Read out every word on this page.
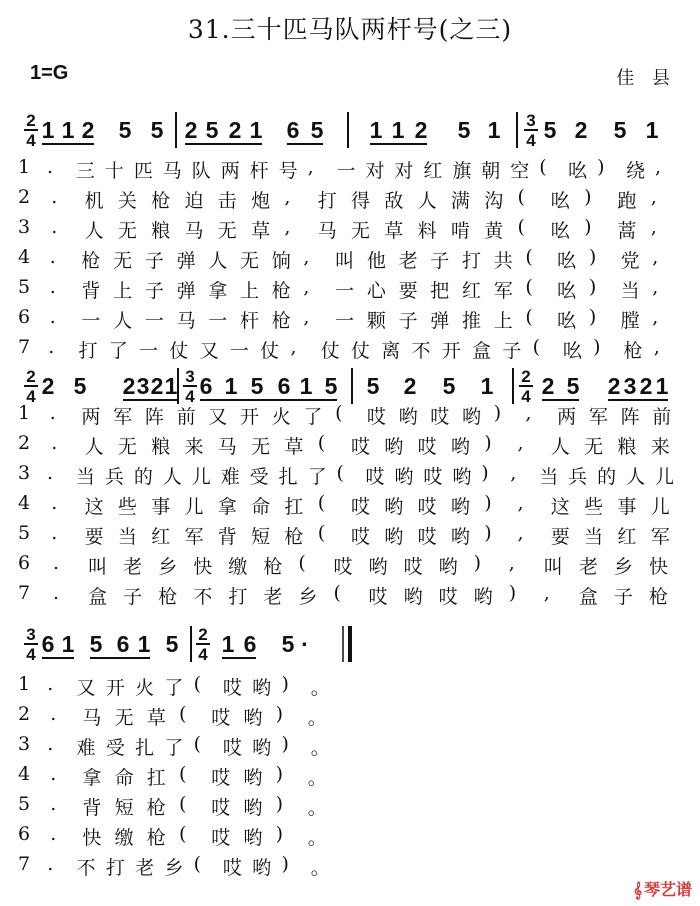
31.三十匹马队两杆号(之三)
1=G	佳 县
2
4
3
4
1 1 2 5 5 2 5 2 1 6 5 1 1 2 5 1 5 2 5 1
1 . 三 十 匹 马 队 两 杆 号 , 一 对 对 红 旗 朝 空 ( 吆 ) 绕 ,
2 . 机 关 枪 迫 击 炮 , 打 得 敌 人 满 沟 ( 吆 ) 跑 ,
3 . 人 无 粮 马 无 草 , 马 无 草 料 啃 黄 ( 吆 ) 蒿 ,
4 . 枪 无 子 弹 人 无 饷 , 叫 他 老 子 打 共 ( 吆 ) 党 ,
5 . 背 上 子 弹 拿 上 枪 , 一 心 要 把 红 军 ( 吆 ) 当 ,
6 . 一 人 一 马 一 杆 枪 , 一 颗 子 弹 推 上 ( 吆 ) 膛 ,
7 . 打 了 一 仗 又 一 仗 , 仗 仗 离 不 开 盒 子 ( 吆 ) 枪 ,
2
4
3
4
2
4
2 5 2 3 2 1 6 1 5 6 1 5 5 2 5 1 2 5 2 3 2 1
1 . 两 军 阵 前 又 开 火 了 ( 哎 哟 哎 哟 ) , 两 军 阵 前
2 . 人 无 粮 来 马 无 草 ( 哎 哟 哎 哟 ) , 人 无 粮 来
3 . 当 兵 的 人 儿 难 受 扎 了 ( 哎 哟 哎 哟 ) , 当 兵 的 人 儿
4 . 这 些 事 儿 拿 命 扛 ( 哎 哟 哎 哟 ) , 这 些 事 儿
5 . 要 当 红 军 背 短 枪 ( 哎 哟 哎 哟 ) , 要 当 红 军
6 . 叫 老 乡 快 缴 枪 ( 哎 哟 哎 哟 ) , 叫 老 乡 快
7 . 盒 子 枪 不 打 老 乡 ( 哎 哟 哎 哟 ) , 盒 子 枪
3
4
2
4
6 1 5 6 1 5 1 6 5 ·
1 . 又 开 火 了 ( 哎 哟 ) 。
2 . 马 无 草 ( 哎 哟 ) 。
3 . 难 受 扎 了 ( 哎 哟 ) 。
4 . 拿 命 扛 ( 哎 哟 ) 。
5 . 背 短 枪 ( 哎 哟 ) 。
6 . 快 缴 枪 ( 哎 哟 ) 。
7 . 不 打 老 乡 ( 哎 哟 ) 。
𝄞 琴艺谱
